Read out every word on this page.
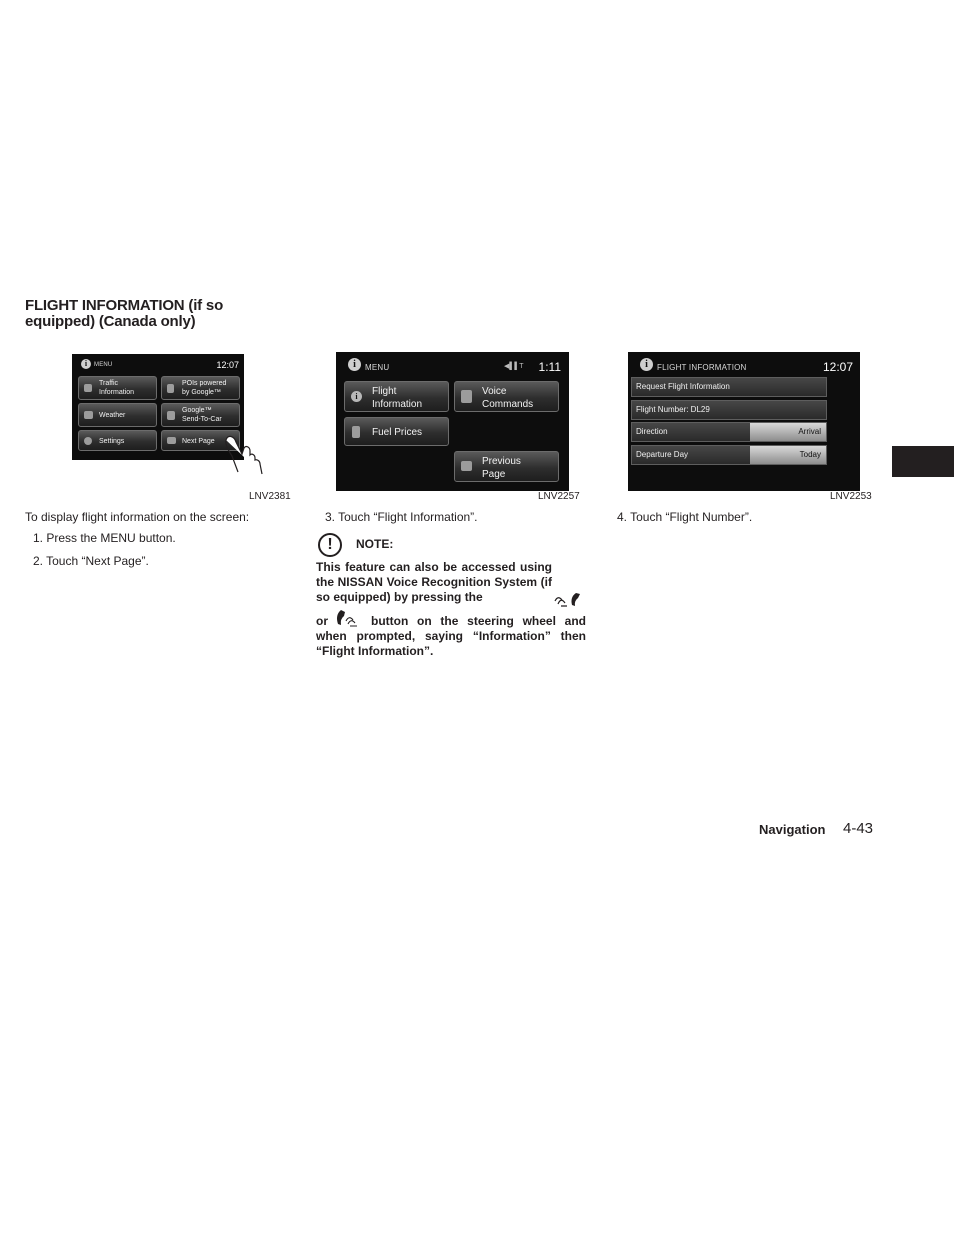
FLIGHT INFORMATION (if so equipped) (Canada only)
i	MENU	12:07
Traffic
Information
POIs powered
by Google™
Weather
Google™
Send-To-Car
Settings	Next Page
LNV2381
i	MENU	◀▌▌T	1:11
i	Flight
Information
Voice
Commands
Fuel Prices
Previous
Page
LNV2257
i	FLIGHT INFORMATION	12:07
Request Flight Information
Flight Number: DL29
Direction	Arrival
Departure Day	Today
LNV2253
To display flight information on the screen:
1. Press the MENU button.
2. Touch “Next Page”.
3. Touch “Flight Information”.
!	NOTE:
This feature can also be accessed using the NISSAN Voice Recognition System (if so equipped) by pressing the
or	button on the steering wheel and when prompted, saying “Information” then “Flight Information”.
4. Touch “Flight Number”.
Navigation 4-43
